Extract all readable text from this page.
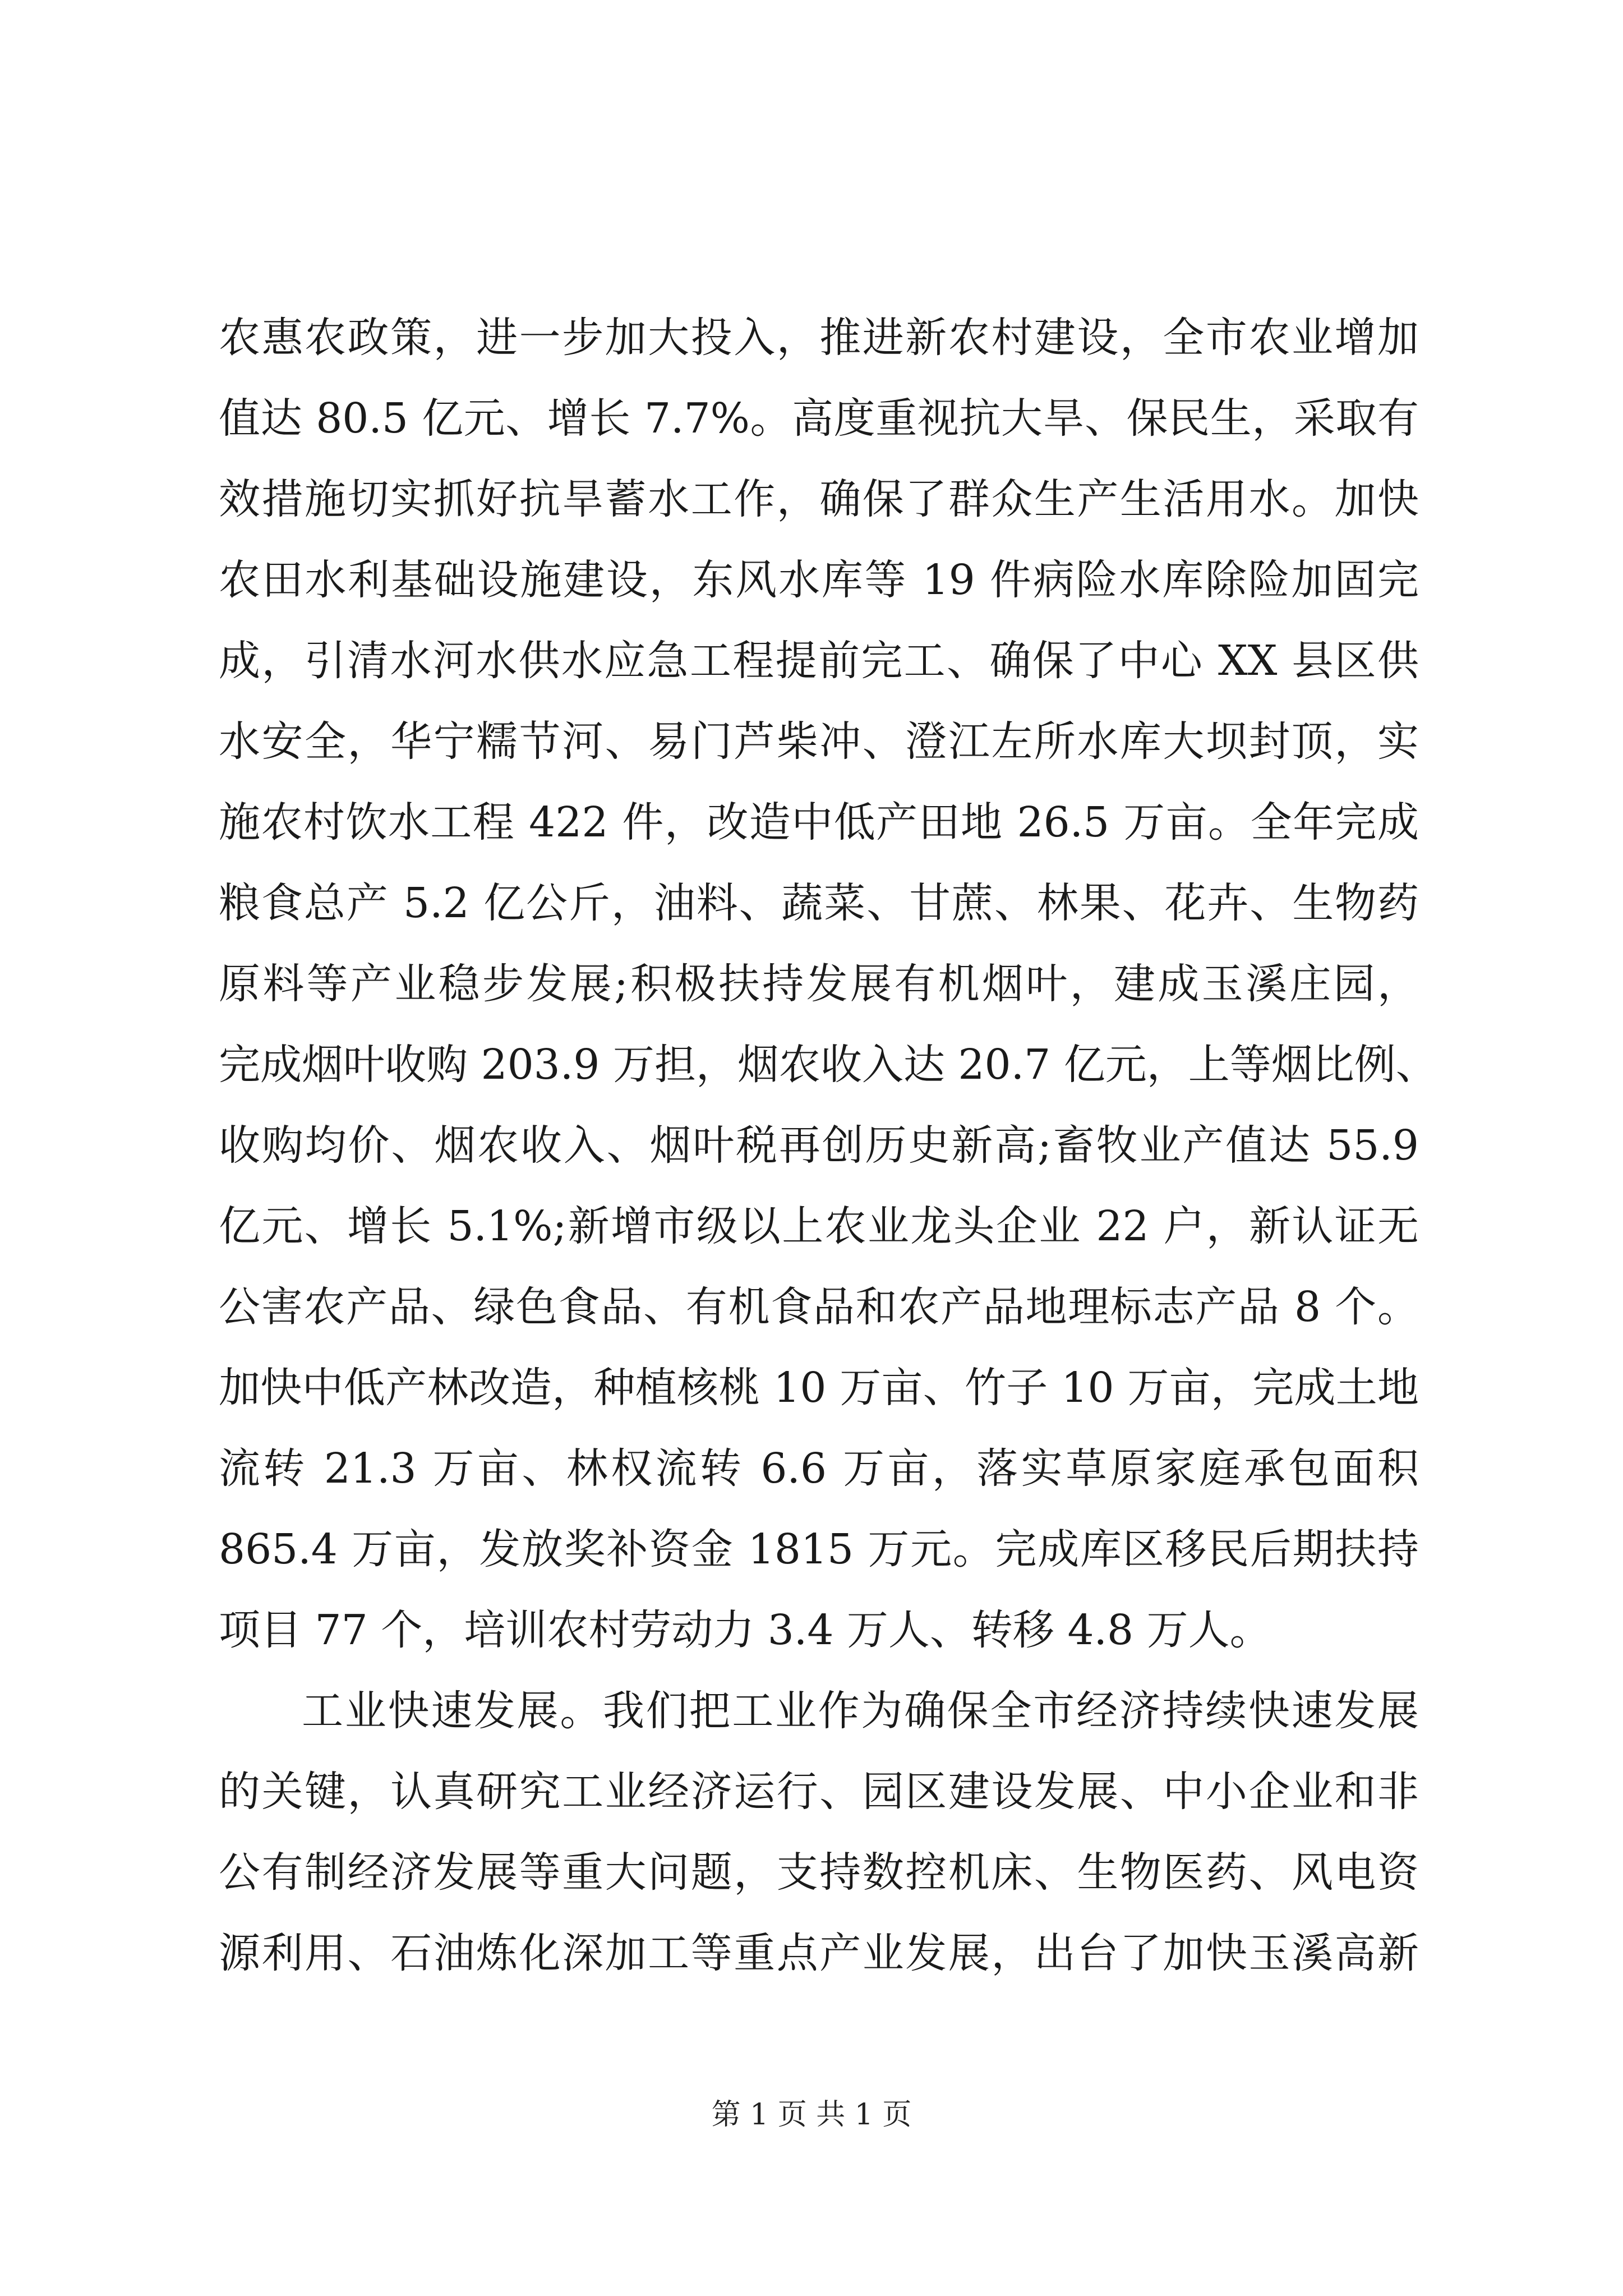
农惠农政策，进一步加大投入，推进新农村建设，全市农业增加
值达 80.5 亿元、增长 7.7%。高度重视抗大旱、保民生，采取有
效措施切实抓好抗旱蓄水工作，确保了群众生产生活用水。加快
农田水利基础设施建设，东风水库等 19 件病险水库除险加固完
成，引清水河水供水应急工程提前完工、确保了中心 XX 县区供
水安全，华宁糯节河、易门芦柴冲、澄江左所水库大坝封顶，实
施农村饮水工程 422 件，改造中低产田地 26.5 万亩。全年完成
粮食总产 5.2 亿公斤，油料、蔬菜、甘蔗、林果、花卉、生物药
原料等产业稳步发展;积极扶持发展有机烟叶，建成玉溪庄园，
完成烟叶收购 203.9 万担，烟农收入达 20.7 亿元，上等烟比例、
收购均价、烟农收入、烟叶税再创历史新高;畜牧业产值达 55.9
亿元、增长 5.1%;新增市级以上农业龙头企业 22 户，新认证无
公害农产品、绿色食品、有机食品和农产品地理标志产品 8 个。
加快中低产林改造，种植核桃 10 万亩、竹子 10 万亩，完成土地
流转 21.3 万亩、林权流转 6.6 万亩，落实草原家庭承包面积
865.4 万亩，发放奖补资金 1815 万元。完成库区移民后期扶持
项目 77 个，培训农村劳动力 3.4 万人、转移 4.8 万人。
工业快速发展。我们把工业作为确保全市经济持续快速发展
的关键，认真研究工业经济运行、园区建设发展、中小企业和非
公有制经济发展等重大问题，支持数控机床、生物医药、风电资
源利用、石油炼化深加工等重点产业发展，出台了加快玉溪高新
第 1 页 共 1 页
